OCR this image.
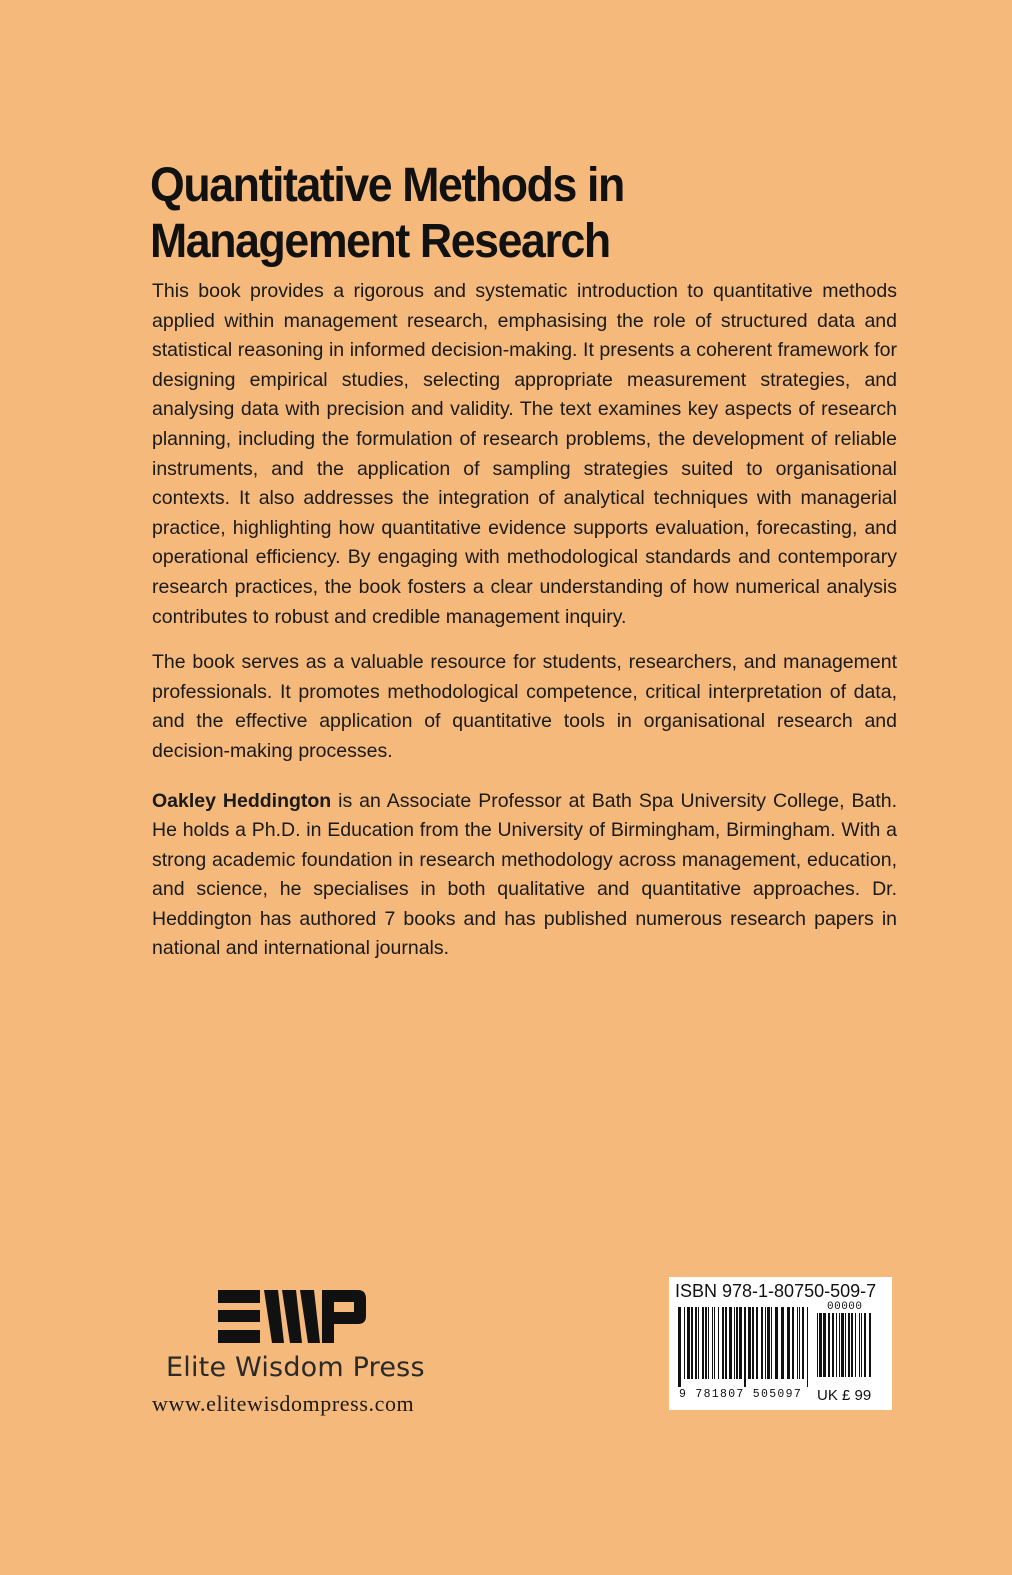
Quantitative Methods in
Management Research

This book provides a rigorous and systematic introduction to quantitative methods applied within management research, emphasising the role of structured data and statistical reasoning in informed decision-making. It presents a coherent framework for designing empirical studies, selecting appropriate measurement strategies, and analysing data with precision and validity. The text examines key aspects of research planning, including the formulation of research problems, the development of reliable instruments, and the application of sampling strategies suited to organisational contexts. It also addresses the integration of analytical techniques with managerial practice, highlighting how quantitative evidence supports evaluation, forecasting, and operational efficiency. By engaging with methodological standards and contemporary research practices, the book fosters a clear understanding of how numerical analysis contributes to robust and credible management inquiry.

The book serves as a valuable resource for students, researchers, and management professionals. It promotes methodological competence, critical interpretation of data, and the effective application of quantitative tools in organisational research and decision-making processes.

Oakley Heddington is an Associate Professor at Bath Spa University College, Bath. He holds a Ph.D. in Education from the University of Birmingham, Birmingham. With a strong academic foundation in research methodology across management, education, and science, he specialises in both qualitative and quantitative approaches. Dr. Heddington has authored 7 books and has published numerous research papers in national and international journals.

Elite Wisdom Press
www.elitewisdompress.com
ISBN 978-1-80750-509-7
00000
9 781807 505097 UK £ 99
